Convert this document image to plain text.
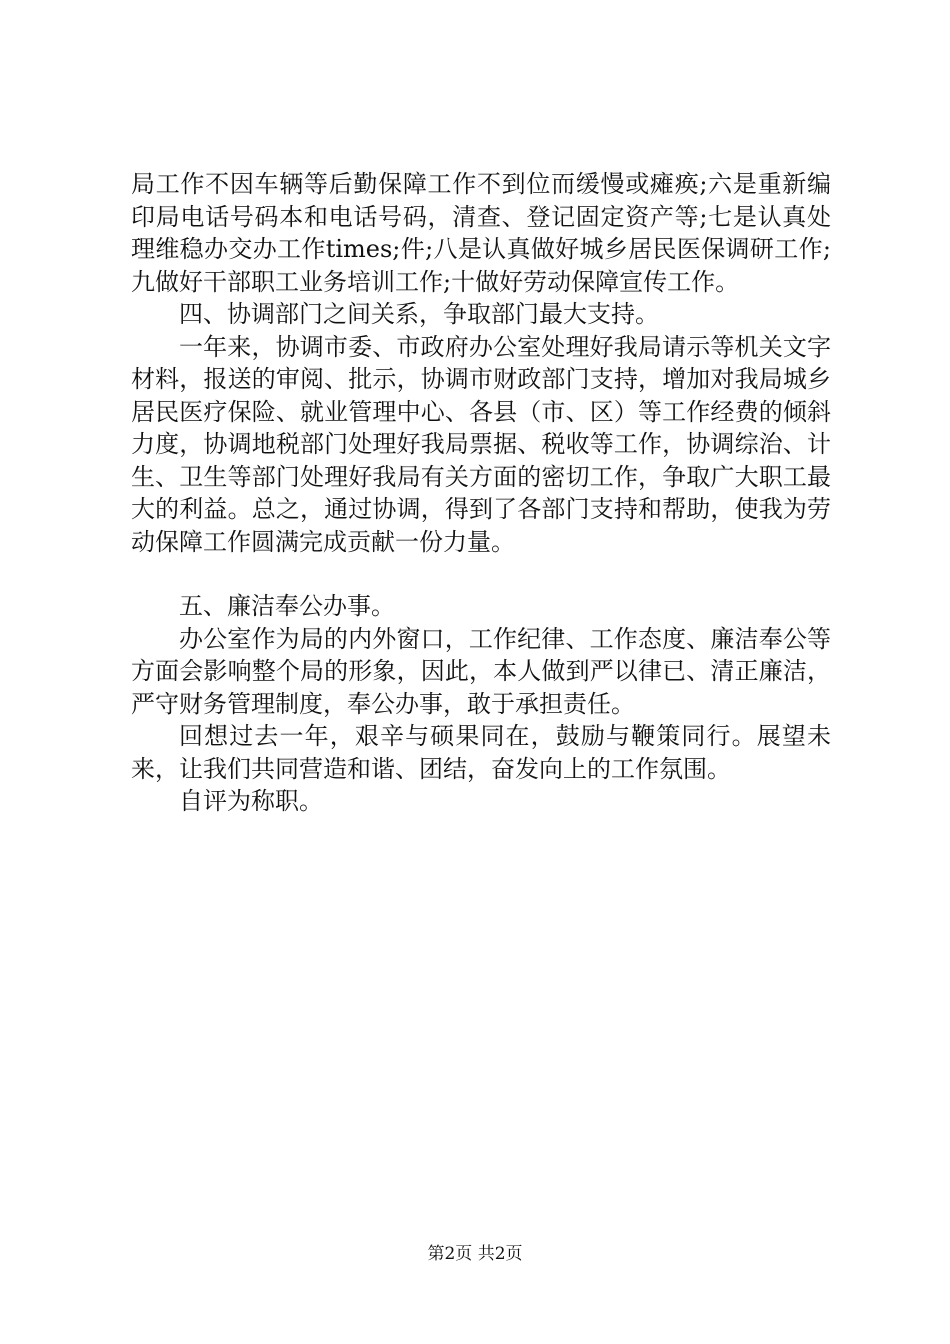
局工作不因车辆等后勤保障工作不到位而缓慢或瘫痪;六是重新编印局电话号码本和电话号码，清查、登记固定资产等;七是认真处理维稳办交办工作times;件;八是认真做好城乡居民医保调研工作;九做好干部职工业务培训工作;十做好劳动保障宣传工作。

四、协调部门之间关系，争取部门最大支持。

一年来，协调市委、市政府办公室处理好我局请示等机关文字材料，报送的审阅、批示，协调市财政部门支持，增加对我局城乡居民医疗保险、就业管理中心、各县（市、区）等工作经费的倾斜力度，协调地税部门处理好我局票据、税收等工作，协调综治、计生、卫生等部门处理好我局有关方面的密切工作，争取广大职工最大的利益。总之，通过协调，得到了各部门支持和帮助，使我为劳动保障工作圆满完成贡献一份力量。

五、廉洁奉公办事。

办公室作为局的内外窗口，工作纪律、工作态度、廉洁奉公等方面会影响整个局的形象，因此，本人做到严以律已、清正廉洁，严守财务管理制度，奉公办事，敢于承担责任。

回想过去一年，艰辛与硕果同在，鼓励与鞭策同行。展望未来，让我们共同营造和谐、团结，奋发向上的工作氛围。

自评为称职。

第2页 共2页
